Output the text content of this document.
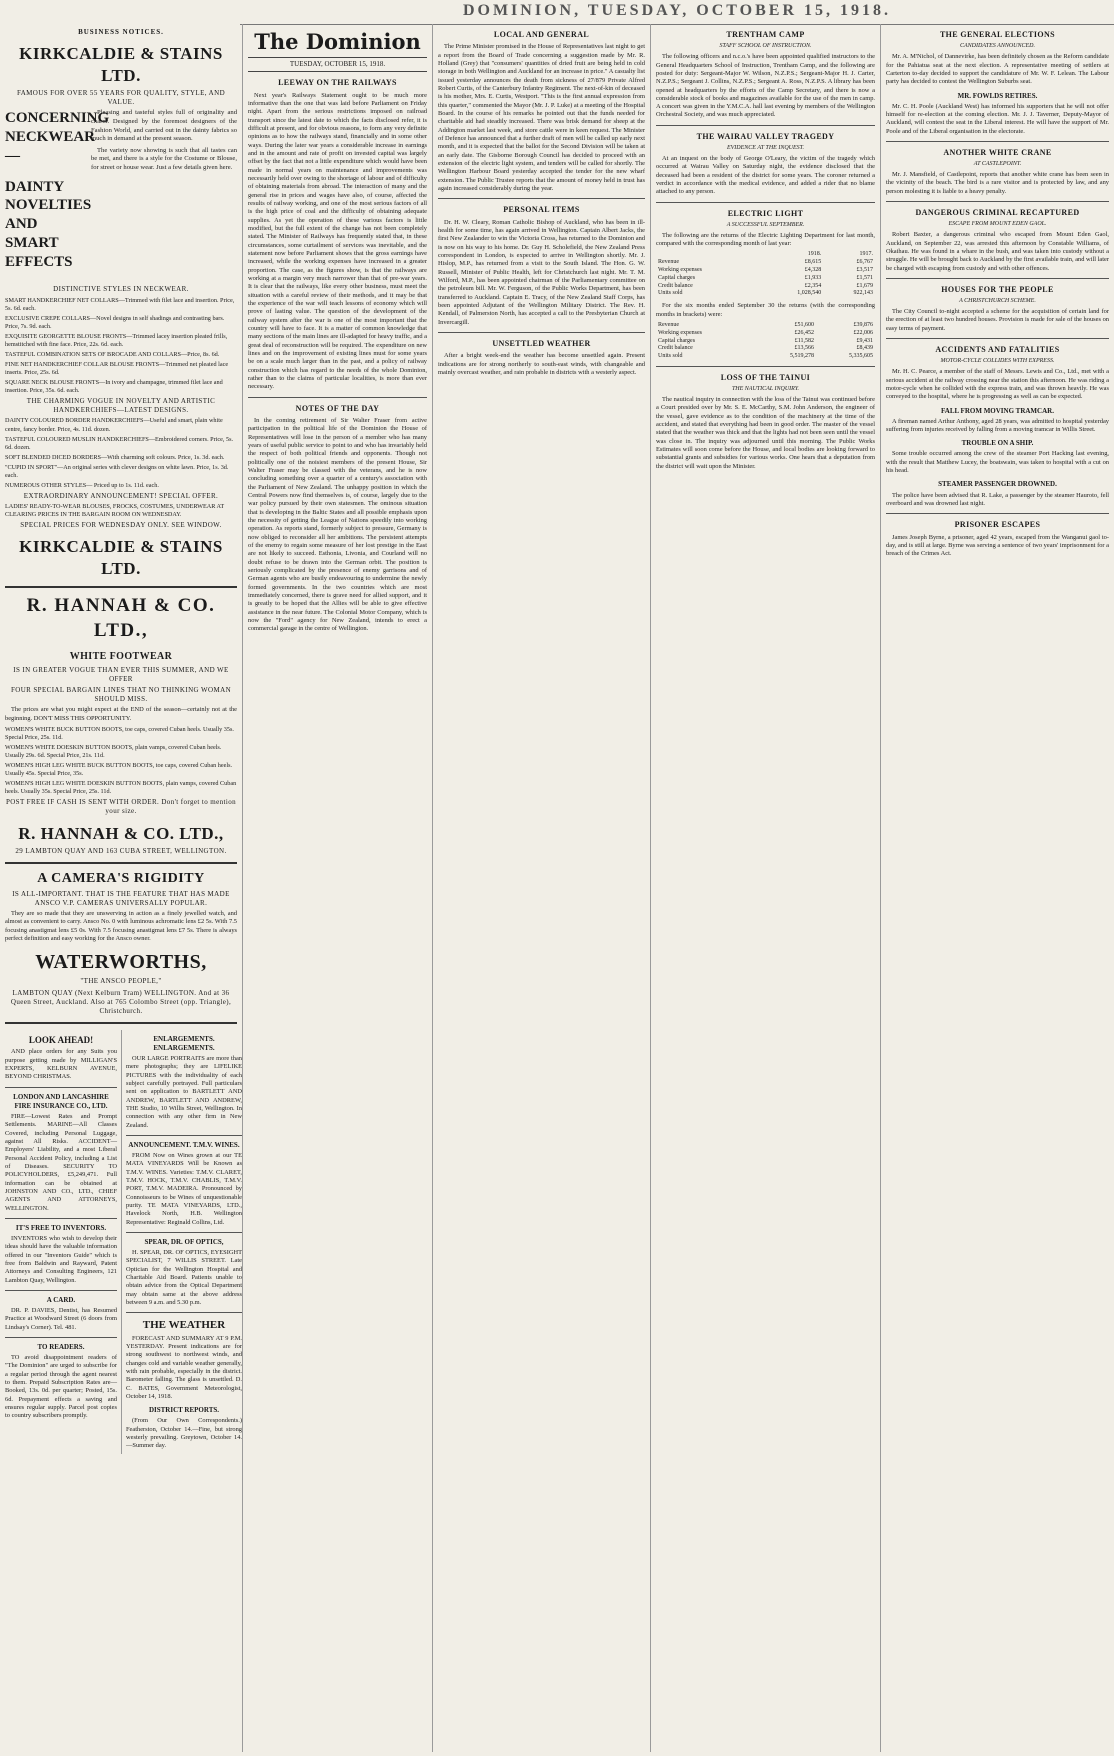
DOMINION, TUESDAY, OCTOBER 15, 1918.
BUSINESS NOTICES.
KIRKCALDIE & STAINS LTD.
FAMOUS FOR OVER 55 YEARS FOR QUALITY, STYLE, AND VALUE.
CONCERNING NECKWEAR—
DAINTY NOVELTIES AND SMART EFFECTS

Pleasing and tasteful styles full of originality and charm. Designed by the foremost designers of the Fashion World, and carried out in the dainty fabrics so much in demand at the present season.

The variety now showing is such that all tastes can be met, and there is a style for the Costume or Blouse, for street or house wear. Just a few details given here.

DISTINCTIVE STYLES IN NECKWEAR.
SMART HANDKERCHIEF NET COLLARS—Trimmed with filet lace and insertion. Price, 5s. 6d. each.
EXCLUSIVE CREPE COLLARS—Novel designs in self shadings and contrasting bars. Price, 7s. 9d. each.
EXQUISITE GEORGETTE BLOUSE FRONTS—Trimmed lacey insertion pleated frills, hemstitched with fine face. Price, 22s. 6d. each.
TASTEFUL COMBINATION SETS OF BROCADE AND COLLARS—Price, 8s. 6d.
FINE NET HANDKERCHIEF COLLAR BLOUSE FRONTS—Trimmed net pleated lace inserts. Price, 25s. 6d.
SQUARE NECK BLOUSE FRONTS—In ivory and champagne, trimmed filet lace and insertion. Price, 35s. 6d. each.
THE CHARMING VOGUE IN NOVELTY AND ARTISTIC HANDKERCHIEFS—LATEST DESIGNS.
DAINTY COLOURED BORDER HANDKERCHIEFS—Useful and smart, plain white centre, fancy border. Price, 4s. 11d. dozen.
TASTEFUL COLOURED MUSLIN HANDKERCHIEFS—Embroidered corners. Price, 5s. 6d. dozen.
SOFT BLENDED DICED BORDERS—With charming soft colours. Price, 1s. 3d. each.
"CUPID IN SPORT"—An original series with clever designs on white lawn. Price, 1s. 3d. each.
NUMEROUS OTHER STYLES— Priced up to 1s. 11d. each.
EXTRAORDINARY ANNOUNCEMENT! SPECIAL OFFER.
LADIES' READY-TO-WEAR BLOUSES, FROCKS, COSTUMES, UNDERWEAR AT CLEARING PRICES IN THE BARGAIN ROOM ON WEDNESDAY.
SPECIAL PRICES FOR WEDNESDAY ONLY. SEE WINDOW.
KIRKCALDIE & STAINS LTD.
R. HANNAH & CO. LTD.,
WHITE FOOTWEAR
IS IN GREATER VOGUE THAN EVER THIS SUMMER, AND WE OFFER
FOUR SPECIAL BARGAIN LINES THAT NO THINKING WOMAN SHOULD MISS.

The prices are what you might expect at the END of the season—certainly not at the beginning. DON'T MISS THIS OPPORTUNITY.

WOMEN'S WHITE BUCK BUTTON BOOTS, toe caps, covered Cuban heels. Usually 35s. Special Price, 25s. 11d.
WOMEN'S WHITE DOESKIN BUTTON BOOTS, plain vamps, covered Cuban heels. Usually 29s. 6d. Special Price, 21s. 11d.
WOMEN'S HIGH LEG WHITE BUCK BUTTON BOOTS, toe caps, covered Cuban heels. Usually 45s. Special Price, 35s.
WOMEN'S HIGH LEG WHITE DOESKIN BUTTON BOOTS, plain vamps, covered Cuban heels. Usually 35s. Special Price, 25s. 11d.
POST FREE IF CASH IS SENT WITH ORDER. Don't forget to mention your size.
R. HANNAH & CO. LTD.,
29 LAMBTON QUAY AND 163 CUBA STREET, WELLINGTON.
A CAMERA'S RIGIDITY
IS ALL-IMPORTANT. THAT IS THE FEATURE THAT HAS MADE ANSCO V.P. CAMERAS UNIVERSALLY POPULAR.

They are so made that they are unswerving in action as a finely jewelled watch, and almost as convenient to carry. Ansco No. 0 with luminous achromatic lens £2 5s. With 7.5 focusing anastigmat lens £5 0s. With 7.5 focusing anastigmat lens £7 5s. There is always perfect definition and easy working for the Ansco owner.

WATERWORTHS,
"THE ANSCO PEOPLE,"
LAMBTON QUAY (Next Kelburn Tram) WELLINGTON. And at 36 Queen Street, Auckland. Also at 765 Colombo Street (opp. Triangle), Christchurch.
LOOK AHEAD!

AND place orders for any Suits you purpose getting made by MILLIGAN'S EXPERTS, KELBURN AVENUE, BEYOND CHRISTMAS.

LONDON AND LANCASHIRE FIRE INSURANCE CO., LTD.

FIRE—Lowest Rates and Prompt Settlements. MARINE—All Classes Covered, including Personal Luggage, against All Risks. ACCIDENT—Employers' Liability, and a most Liberal Personal Accident Policy, including a List of Diseases. SECURITY TO POLICYHOLDERS, £5,249,471. Full information can be obtained at JOHNSTON AND CO., LTD., CHIEF AGENTS AND ATTORNEYS, WELLINGTON.

IT'S FREE TO INVENTORS.

INVENTORS who wish to develop their ideas should have the valuable information offered in our "Inventors Guide" which is free from Baldwin and Rayward, Patent Attorneys and Consulting Engineers, 121 Lambton Quay, Wellington.

A CARD.

DR. P. DAVIES, Dentist, has Resumed Practice at Woodward Street (6 doors from Lindsay's Corner). Tel. 481.

TO READERS.

TO avoid disappointment readers of "The Dominion" are urged to subscribe for a regular period through the agent nearest to them. Prepaid Subscription Rates are— Booked, 13s. 0d. per quarter; Posted, 15s. 6d. Prepayment effects a saving and ensures regular supply. Parcel post copies to country subscribers promptly.

ENLARGEMENTS. ENLARGEMENTS.

OUR LARGE PORTRAITS are more than mere photographs; they are LIFELIKE PICTURES with the individuality of each subject carefully portrayed. Full particulars sent on application to BARTLETT AND ANDREW, BARTLETT AND ANDREW, THE Studio, 10 Willis Street, Wellington. In connection with any other firm in New Zealand.

ANNOUNCEMENT. T.M.V. WINES.

FROM Now on Wines grown at our TE MATA VINEYARDS Will be Known as T.M.V. WINES. Varieties: T.M.V. CLARET, T.M.V. HOCK, T.M.V. CHABLIS, T.M.V. PORT, T.M.V. MADEIRA. Pronounced by Connoisseurs to be Wines of unquestionable purity. TE MATA VINEYARDS, LTD., Havelock North, H.B. Wellington Representative: Reginald Collins, Ltd.

SPEAR, DR. OF OPTICS,

H. SPEAR, DR. OF OPTICS, EYESIGHT SPECIALIST, 7 WILLIS STREET. Late Optician for the Wellington Hospital and Charitable Aid Board. Patients unable to obtain advice from the Optical Department may obtain same at the above address between 9 a.m. and 5.30 p.m.

THE WEATHER

FORECAST AND SUMMARY AT 9 P.M. YESTERDAY. Present indications are for strong southwest to northwest winds, and changes cold and variable weather generally, with rain probable, especially in the district. Barometer falling. The glass is unsettled. D. C. BATES, Government Meteorologist, October 14, 1918.

DISTRICT REPORTS.

(From Our Own Correspondents.) Featherston, October 14.—Fine, but strong westerly prevailing. Greytown, October 14.—Summer day.

The Dominion
TUESDAY, OCTOBER 15, 1918.
LEEWAY ON THE RAILWAYS

Next year's Railways Statement ought to be much more informative than the one that was laid before Parliament on Friday night. Apart from the serious restrictions imposed on railroad transport since the latest date to which the facts disclosed refer, it is difficult at present, and for obvious reasons, to form any very definite opinions as to how the railways stand, financially and in some other ways. During the later war years a considerable increase in earnings and in the amount and rate of profit on invested capital was largely offset by the fact that not a little expenditure which would have been made in normal years on maintenance and improvements was necessarily held over owing to the shortage of labour and of difficulty of obtaining materials from abroad. The interaction of many and the general rise in prices and wages have also, of course, affected the results of railway working, and one of the most serious factors of all is the high price of coal and the difficulty of obtaining adequate supplies. As yet the operation of these various factors is little modified, but the full extent of the change has not been completely stated. The Minister of Railways has frequently stated that, in these circumstances, some curtailment of services was inevitable, and the statement now before Parliament shows that the gross earnings have increased, while the working expenses have increased in a greater proportion. The case, as the figures show, is that the railways are working at a margin very much narrower than that of pre-war years. It is clear that the railways, like every other business, must meet the situation with a careful review of their methods, and it may be that the experience of the war will teach lessons of economy which will prove of lasting value. The question of the development of the railway system after the war is one of the most important that the country will have to face. It is a matter of common knowledge that many sections of the main lines are ill-adapted for heavy traffic, and a great deal of reconstruction will be required. The expenditure on new lines and on the improvement of existing lines must for some years be on a scale much larger than in the past, and a policy of railway construction which has regard to the needs of the whole Dominion, rather than to the claims of particular localities, is more than ever necessary.

NOTES OF THE DAY

In the coming retirement of Sir Walter Fraser from active participation in the political life of the Dominion the House of Representatives will lose in the person of a member who has many years of useful public service to point to and who has invariably held the respect of both political friends and opponents. Though not politically one of the noisiest members of the present House, Sir Walter Fraser may be classed with the veterans, and he is now concluding something over a quarter of a century's association with the Parliament of New Zealand. The unhappy position in which the Central Powers now find themselves is, of course, largely due to the war policy pursued by their own statesmen. The ominous situation that is developing in the Baltic States and all possible emphasis upon the necessity of getting the League of Nations speedily into working operation. As reports stand, formerly subject to pressure, Germany is now obliged to reconsider all her ambitions. The persistent attempts of the enemy to regain some measure of her lost prestige in the East are not likely to succeed. Esthonia, Livonia, and Courland will no doubt refuse to be drawn into the German orbit. The position is seriously complicated by the presence of enemy garrisons and of German agents who are busily endeavouring to undermine the newly formed governments. In the two countries which are most immediately concerned, there is grave need for allied support, and it is greatly to be hoped that the Allies will be able to give effective assistance in the near future. The Colonial Motor Company, which is now the "Ford" agency for New Zealand, intends to erect a commercial garage in the centre of Wellington.

LOCAL AND GENERAL

The Prime Minister promised in the House of Representatives last night to get a report from the Board of Trade concerning a suggestion made by Mr. R. Holland (Grey) that "consumers' quantities of dried fruit are being held in cold storage in both Wellington and Auckland for an increase in price." A casualty list issued yesterday announces the death from sickness of 27/879 Private Alfred Robert Curtis, of the Canterbury Infantry Regiment. The next-of-kin of deceased is his mother, Mrs. E. Curtis, Westport. "This is the first annual expression from this quarter," commented the Mayor (Mr. J. P. Luke) at a meeting of the Hospital Board. In the course of his remarks he pointed out that the funds needed for charitable aid had steadily increased. There was brisk demand for sheep at the Addington market last week, and store cattle were in keen request. The Minister of Defence has announced that a further draft of men will be called up early next month, and it is expected that the ballot for the Second Division will be taken at an early date. The Gisborne Borough Council has decided to proceed with an extension of the electric light system, and tenders will be called for shortly. The Wellington Harbour Board yesterday accepted the tender for the new wharf extension. The Public Trustee reports that the amount of money held in trust has again increased considerably during the year.

PERSONAL ITEMS

Dr. H. W. Cleary, Roman Catholic Bishop of Auckland, who has been in ill-health for some time, has again arrived in Wellington. Captain Albert Jacks, the first New Zealander to win the Victoria Cross, has returned to the Dominion and is now on his way to his home. Dr. Guy H. Scholefield, the New Zealand Press correspondent in London, is expected to arrive in Wellington shortly. Mr. J. Hislop, M.P., has returned from a visit to the South Island. The Hon. G. W. Russell, Minister of Public Health, left for Christchurch last night. Mr. T. M. Wilford, M.P., has been appointed chairman of the Parliamentary committee on the petroleum bill. Mr. W. Ferguson, of the Public Works Department, has been transferred to Auckland. Captain E. Tracy, of the New Zealand Staff Corps, has been appointed Adjutant of the Wellington Military District. The Rev. H. Kendall, of Palmerston North, has accepted a call to the Presbyterian Church at Invercargill.

UNSETTLED WEATHER

After a bright week-end the weather has become unsettled again. Present indications are for strong northerly to south-east winds, with changeable and mainly overcast weather, and rain probable in districts with a westerly aspect.

TRENTHAM CAMP
STAFF SCHOOL OF INSTRUCTION.

The following officers and n.c.o.'s have been appointed qualified instructors to the General Headquarters School of Instruction, Trentham Camp, and the following are posted for duty: Sergeant-Major W. Wilson, N.Z.P.S.; Sergeant-Major H. J. Carter, N.Z.P.S.; Sergeant J. Collins, N.Z.P.S.; Sergeant A. Ross, N.Z.P.S. A library has been opened at headquarters by the efforts of the Camp Secretary, and there is now a considerable stock of books and magazines available for the use of the men in camp. A concert was given in the Y.M.C.A. hall last evening by members of the Wellington Orchestral Society, and was much appreciated.

THE WAIRAU VALLEY TRAGEDY
EVIDENCE AT THE INQUEST.

At an inquest on the body of George O'Leary, the victim of the tragedy which occurred at Wairau Valley on Saturday night, the evidence disclosed that the deceased had been a resident of the district for some years. The coroner returned a verdict in accordance with the medical evidence, and added a rider that no blame attached to any person.

ELECTRIC LIGHT
A SUCCESSFUL SEPTEMBER.

The following are the returns of the Electric Lighting Department for last month, compared with the corresponding month of last year:

	1918.	1917.
Revenue	£8,615	£6,767
Working expenses	£4,328	£3,517
Capital charges	£1,933	£1,571
Credit balance	£2,354	£1,679
Units sold	1,028,540	922,143

For the six months ended September 30 the returns (with the corresponding months in brackets) were:

Revenue	£51,600	£39,876
Working expenses	£26,452	£22,006
Capital charges	£11,582	£9,431
Credit balance	£13,566	£8,439
Units sold	5,519,278	5,335,605
LOSS OF THE TAINUI
THE NAUTICAL INQUIRY.

The nautical inquiry in connection with the loss of the Tainui was continued before a Court presided over by Mr. S. E. McCarthy, S.M. John Anderson, the engineer of the vessel, gave evidence as to the condition of the machinery at the time of the accident, and stated that everything had been in good order. The master of the vessel stated that the weather was thick and that the lights had not been seen until the vessel was close in. The inquiry was adjourned until this morning. The Public Works Estimates will soon come before the House, and local bodies are looking forward to substantial grants and subsidies for various works. One hears that a deputation from the district will wait upon the Minister.

THE GENERAL ELECTIONS
CANDIDATES ANNOUNCED.

Mr. A. M'Nichol, of Dannevirke, has been definitely chosen as the Reform candidate for the Pahiatua seat at the next election. A representative meeting of settlers at Carterton to-day decided to support the candidature of Mr. W. F. Lelean. The Labour party has decided to contest the Wellington Suburbs seat.

MR. FOWLDS RETIRES.

Mr. C. H. Poole (Auckland West) has informed his supporters that he will not offer himself for re-election at the coming election. Mr. J. J. Taverner, Deputy-Mayor of Auckland, will contest the seat in the Liberal interest. He will have the support of Mr. Poole and of the Liberal organisation in the electorate.

ANOTHER WHITE CRANE
AT CASTLEPOINT.

Mr. J. Mansfield, of Castlepoint, reports that another white crane has been seen in the vicinity of the beach. The bird is a rare visitor and is protected by law, and any person molesting it is liable to a heavy penalty.

DANGEROUS CRIMINAL RECAPTURED
ESCAPE FROM MOUNT EDEN GAOL.

Robert Baxter, a dangerous criminal who escaped from Mount Eden Gaol, Auckland, on September 22, was arrested this afternoon by Constable Williams, of Okaihau. He was found in a whare in the bush, and was taken into custody without a struggle. He will be brought back to Auckland by the first available train, and will later be charged with escaping from custody and with other offences.

HOUSES FOR THE PEOPLE
A CHRISTCHURCH SCHEME.

The City Council to-night accepted a scheme for the acquisition of certain land for the erection of at least two hundred houses. Provision is made for sale of the houses on easy terms of payment.

ACCIDENTS AND FATALITIES
MOTOR-CYCLE COLLIDES WITH EXPRESS.

Mr. H. C. Pearce, a member of the staff of Messrs. Lewis and Co., Ltd., met with a serious accident at the railway crossing near the station this afternoon. He was riding a motor-cycle when he collided with the express train, and was thrown heavily. He was conveyed to the hospital, where he is progressing as well as can be expected.

FALL FROM MOVING TRAMCAR.

A fireman named Arthur Anthony, aged 28 years, was admitted to hospital yesterday suffering from injuries received by falling from a moving tramcar in Willis Street.

TROUBLE ON A SHIP.

Some trouble occurred among the crew of the steamer Port Hacking last evening, with the result that Matthew Lucey, the boatswain, was taken to hospital with a cut on his head.

STEAMER PASSENGER DROWNED.

The police have been advised that R. Lake, a passenger by the steamer Hauroto, fell overboard and was drowned last night.

PRISONER ESCAPES

James Joseph Byrne, a prisoner, aged 42 years, escaped from the Wanganui gaol to-day, and is still at large. Byrne was serving a sentence of two years' imprisonment for a breach of the Crimes Act.
